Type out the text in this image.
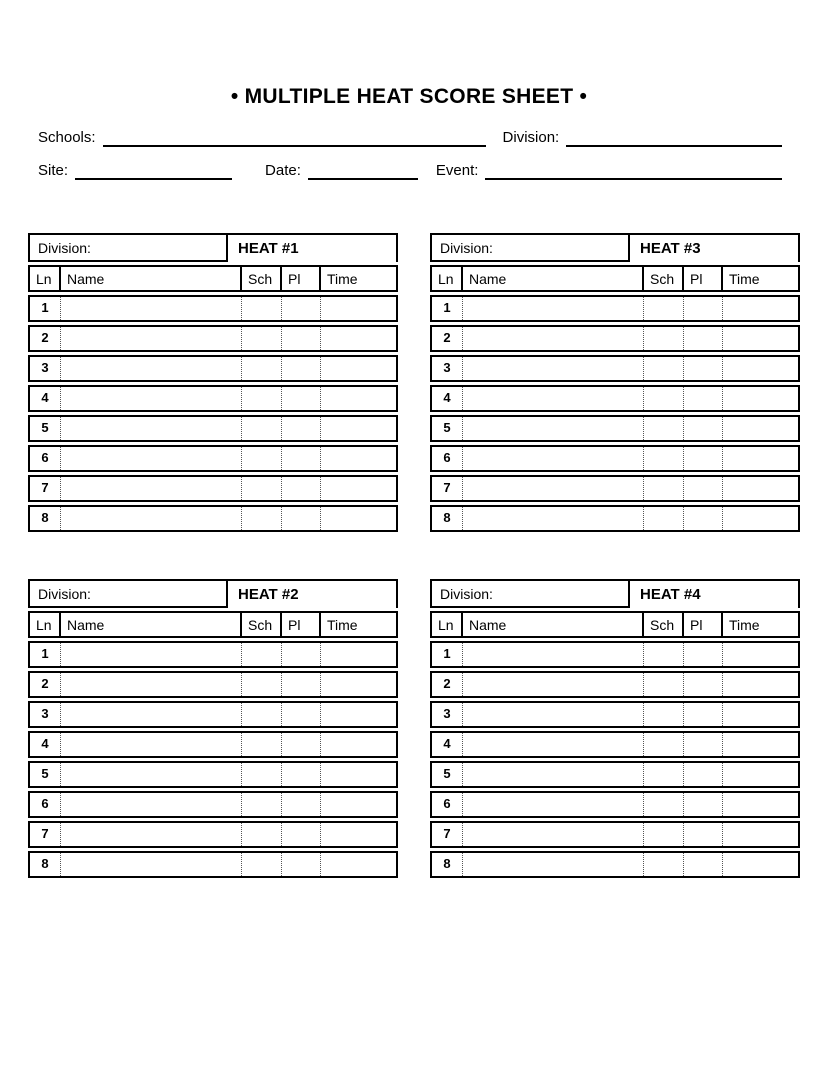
• MULTIPLE HEAT SCORE SHEET •
Schools:	Division:
Site:	Date:	Event:
Division:	HEAT #1
Ln	Name	Sch	Pl	Time
1
2
3
4
5
6
7
8
Division:	HEAT #3
Ln	Name	Sch	Pl	Time
1
2
3
4
5
6
7
8
Division:	HEAT #2
Ln	Name	Sch	Pl	Time
1
2
3
4
5
6
7
8
Division:	HEAT #4
Ln	Name	Sch	Pl	Time
1
2
3
4
5
6
7
8
